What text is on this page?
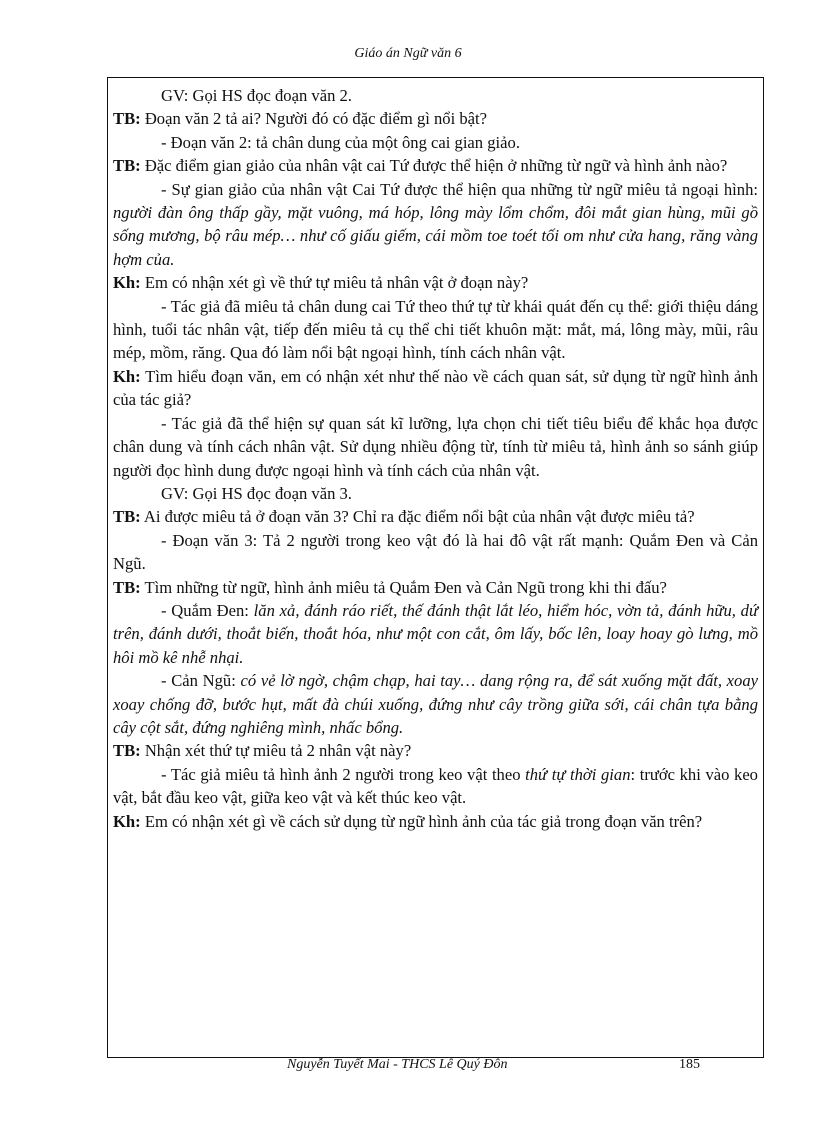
Giáo án Ngữ văn 6

GV: Gọi HS đọc đoạn văn 2.

TB: Đoạn văn 2 tả ai? Người đó có đặc điểm gì nổi bật?

- Đoạn văn 2: tả chân dung của một ông cai gian giảo.

TB: Đặc điểm gian giảo của nhân vật cai Tứ được thể hiện ở những từ ngữ và hình ảnh nào?

- Sự gian giảo của nhân vật Cai Tứ được thể hiện qua những từ ngữ miêu tả ngoại hình: người đàn ông thấp gầy, mặt vuông, má hóp, lông mày lổm chổm, đôi mắt gian hùng, mũi gồ sống mương, bộ râu mép… như cố giấu giếm, cái mồm toe toét tối om như cửa hang, răng vàng hợm của.

Kh: Em có nhận xét gì về thứ tự miêu tả nhân vật ở đoạn này?

- Tác giả đã miêu tả chân dung cai Tứ theo thứ tự từ khái quát đến cụ thể: giới thiệu dáng hình, tuổi tác nhân vật, tiếp đến miêu tả cụ thể chi tiết khuôn mặt: mắt, má, lông mày, mũi, râu mép, mồm, răng. Qua đó làm nổi bật ngoại hình, tính cách nhân vật.

Kh: Tìm hiểu đoạn văn, em có nhận xét như thế nào về cách quan sát, sử dụng từ ngữ hình ảnh của tác giả?

- Tác giả đã thể hiện sự quan sát kĩ lưỡng, lựa chọn chi tiết tiêu biểu để khắc họa được chân dung và tính cách nhân vật. Sử dụng nhiều động từ, tính từ miêu tả, hình ảnh so sánh giúp người đọc hình dung được ngoại hình và tính cách của nhân vật.

GV: Gọi HS đọc đoạn văn 3.

TB: Ai được miêu tả ở đoạn văn 3? Chỉ ra đặc điểm nổi bật của nhân vật được miêu tả?

- Đoạn văn 3: Tả 2 người trong keo vật đó là hai đô vật rất mạnh: Quắm Đen và Cản Ngũ.

TB: Tìm những từ ngữ, hình ảnh miêu tả Quắm Đen và Cản Ngũ trong khi thi đấu?

- Quắm Đen: lăn xả, đánh ráo riết, thế đánh thật lắt léo, hiểm hóc, vờn tả, đánh hữu, dứ trên, đánh dưới, thoắt biến, thoắt hóa, như một con cắt, ôm lấy, bốc lên, loay hoay gò lưng, mồ hôi mồ kê nhễ nhại.

- Cản Ngũ: có vẻ lờ ngờ, chậm chạp, hai tay… dang rộng ra, để sát xuống mặt đất, xoay xoay chống đỡ, bước hụt, mất đà chúi xuống, đứng như cây trồng giữa sới, cái chân tựa bằng cây cột sắt, đứng nghiêng mình, nhấc bổng.

TB: Nhận xét thứ tự miêu tả 2 nhân vật này?

- Tác giả miêu tả hình ảnh 2 người trong keo vật theo thứ tự thời gian: trước khi vào keo vật, bắt đầu keo vật, giữa keo vật và kết thúc keo vật.

Kh: Em có nhận xét gì về cách sử dụng từ ngữ hình ảnh của tác giả trong đoạn văn trên?

Nguyễn Tuyết Mai - THCS Lê Quý Đôn	185
